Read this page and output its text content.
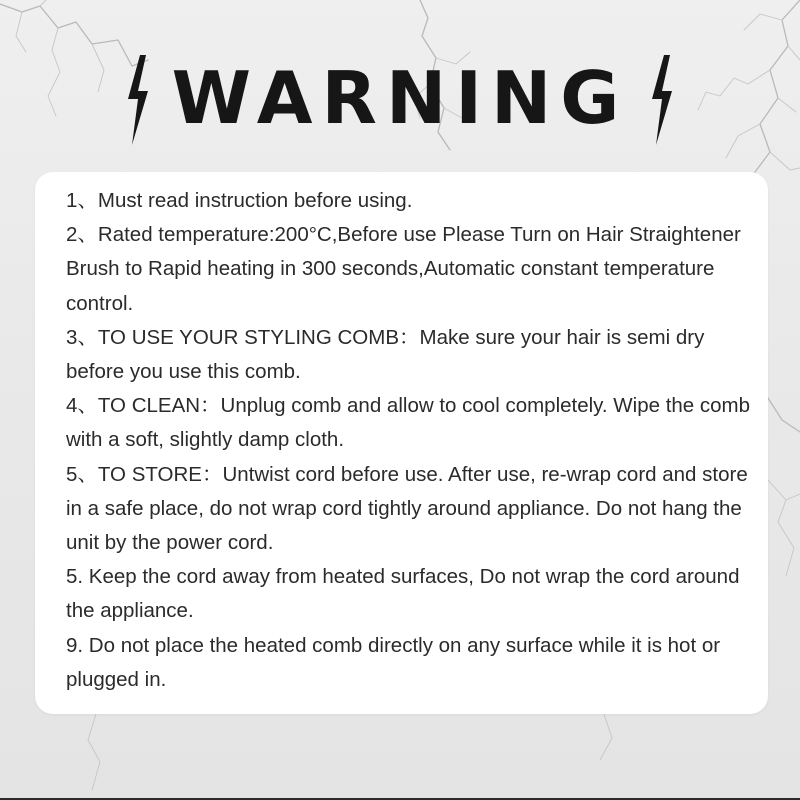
WARNING
1、Must read instruction before using.
2、Rated temperature:200°C,Before use Please Turn on Hair Straightener Brush to Rapid heating in 300 seconds,Automatic constant temperature control.
3、TO USE YOUR STYLING COMB：Make sure your hair is semi dry before you use this comb.
4、TO CLEAN：Unplug comb and allow to cool completely. Wipe the comb with a soft, slightly damp cloth.
5、TO STORE：Untwist cord before use. After use, re-wrap cord and store in a safe place, do not wrap cord tightly around appliance. Do not hang the unit by the power cord.
5. Keep the cord away from heated surfaces, Do not wrap the cord around the appliance.
9. Do not place the heated comb directly on any surface while it is hot or plugged in.
